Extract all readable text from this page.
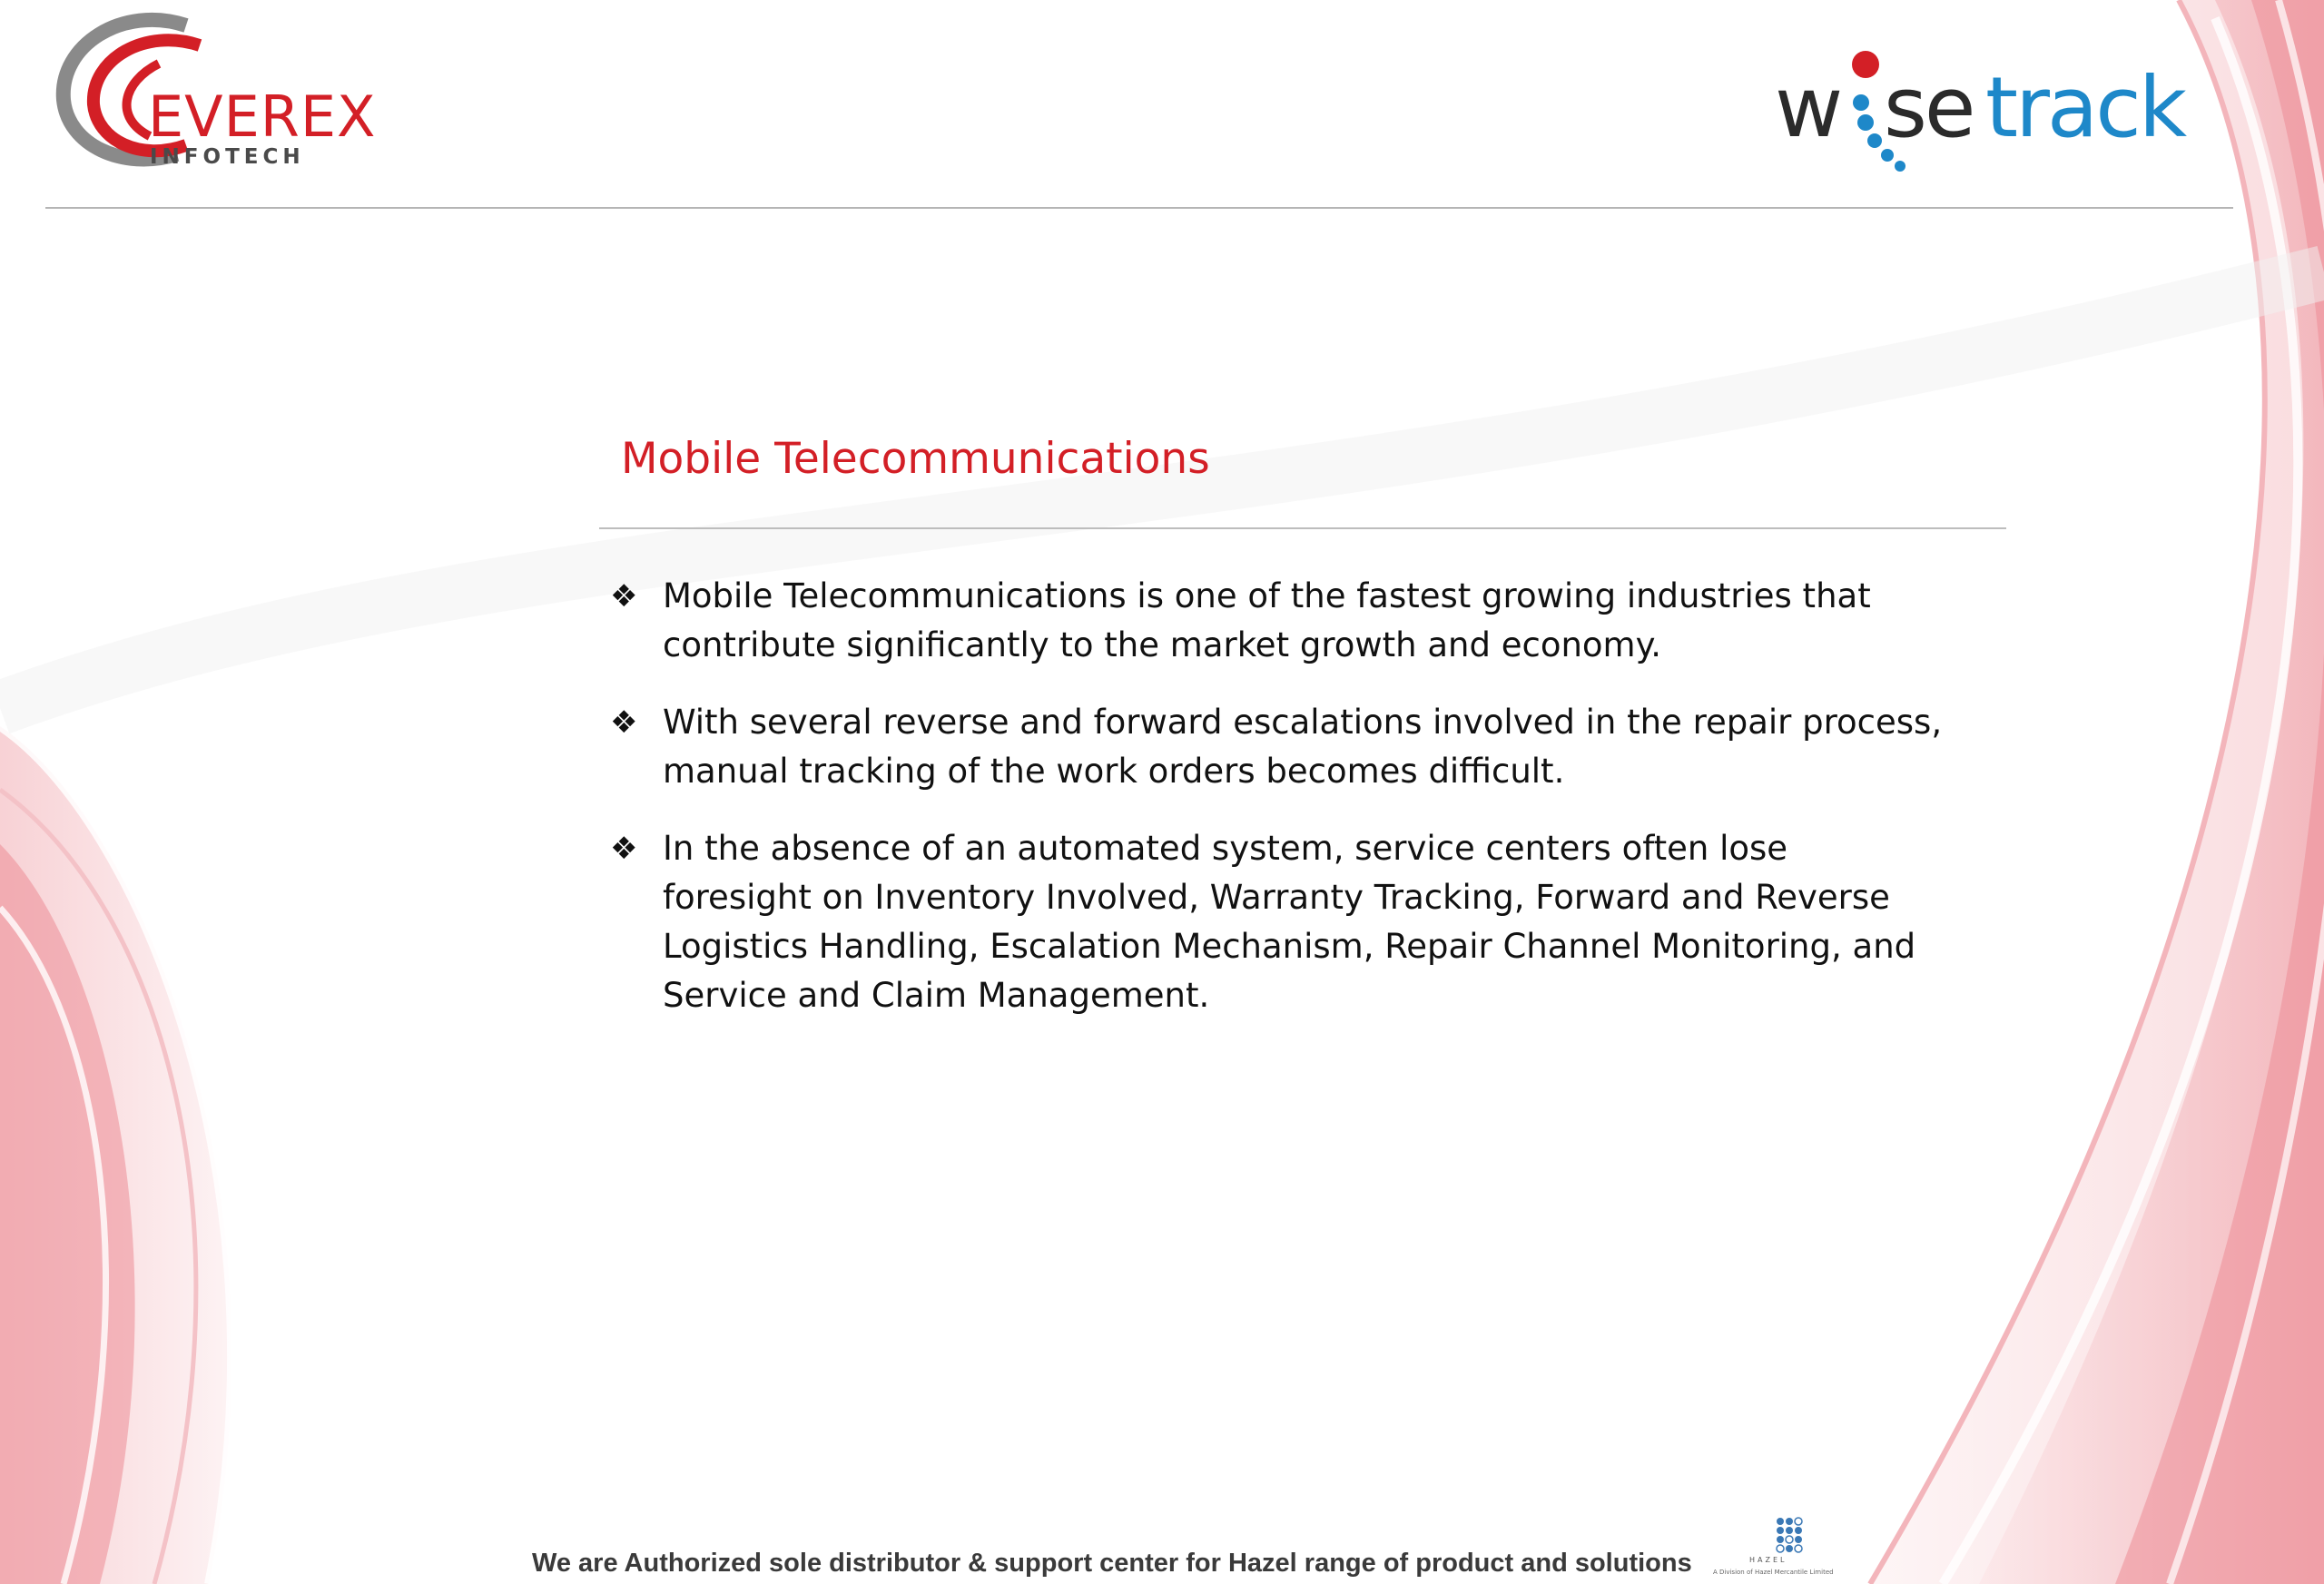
EVEREX
INFOTECH
w se track
Mobile Telecommunications
❖ Mobile Telecommunications is one of the fastest growing industries that contribute significantly to the market growth and economy.
❖ With several reverse and forward escalations involved in the repair process, manual tracking of the work orders becomes difficult.
❖ In the absence of an automated system, service centers often lose foresight on Inventory Involved, Warranty Tracking, Forward and Reverse Logistics Handling, Escalation Mechanism, Repair Channel Monitoring, and Service and Claim Management.
We are Authorized sole distributor & support center for Hazel range of product and solutions	HAZEL
A Division of Hazel Mercantile Limited
